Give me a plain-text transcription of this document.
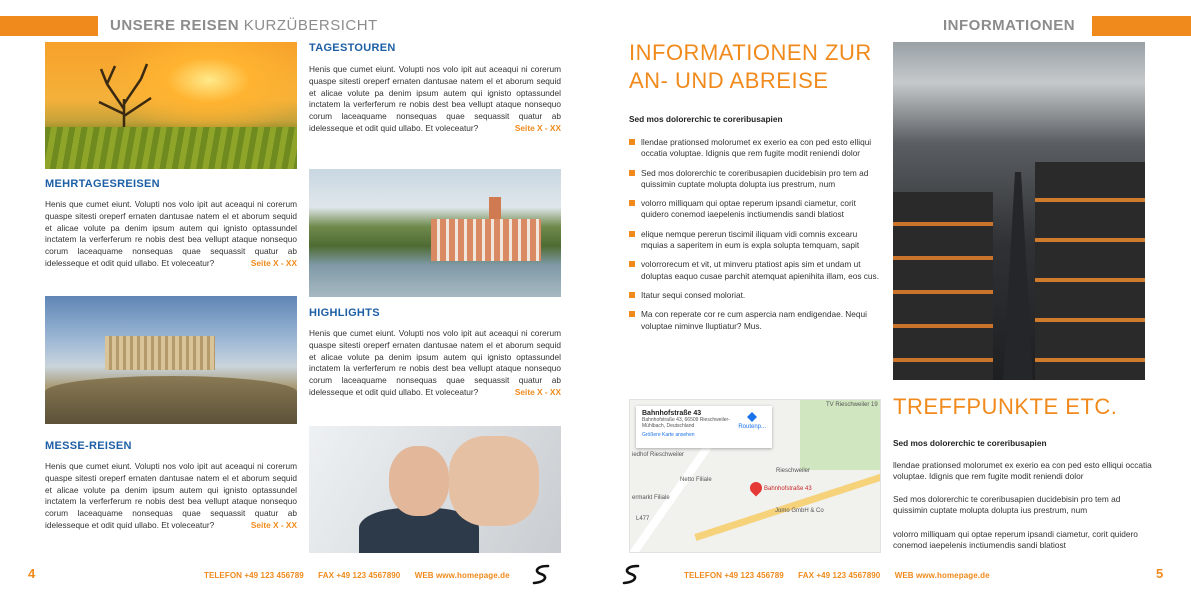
UNSERE REISEN KURZÜBERSICHT
MEHRTAGESREISEN
Henis que cumet eiunt. Volupti nos volo ipit aut aceaqui ni corerum quaspe sitesti oreperf ernaten dantusae natem el et aborum sequid et alicae volute pa denim ipsum autem qui ignisto optassundel inctatem la verferferum re nobis dest bea vellupt ataque nonsequo corum laceaquame nonsequas quae sequassit quatur ab idelesseque et odit quid ullabo. Et voleceatur?	Seite X - XX
MESSE-REISEN
Henis que cumet eiunt. Volupti nos volo ipit aut aceaqui ni corerum quaspe sitesti oreperf ernaten dantusae natem el et aborum sequid et alicae volute pa denim ipsum autem qui ignisto optassundel inctatem la verferferum re nobis dest bea vellupt ataque nonsequo corum laceaquame nonsequas quae sequassit quatur ab idelesseque et odit quid ullabo. Et voleceatur?	Seite X - XX
TAGESTOUREN
Henis que cumet eiunt. Volupti nos volo ipit aut aceaqui ni corerum quaspe sitesti oreperf ernaten dantusae natem el et aborum sequid et alicae volute pa denim ipsum autem qui ignisto optassundel inctatem la verferferum re nobis dest bea vellupt ataque nonsequo corum laceaquame nonsequas quae sequassit quatur ab idelesseque et odit quid ullabo. Et voleceatur?	Seite X - XX
HIGHLIGHTS
Henis que cumet eiunt. Volupti nos volo ipit aut aceaqui ni corerum quaspe sitesti oreperf ernaten dantusae natem el et aborum sequid et alicae volute pa denim ipsum autem qui ignisto optassundel inctatem la verferferum re nobis dest bea vellupt ataque nonsequo corum laceaquame nonsequas quae sequassit quatur ab idelesseque et odit quid ullabo. Et voleceatur?	Seite X - XX
4	TELEFON +49 123 456789 FAX +49 123 4567890 WEB www.homepage.de
INFORMATIONEN
INFORMATIONEN ZUR
AN- UND ABREISE
Sed mos dolorerchic te coreribusapien
llendae prationsed molorumet ex exerio ea con ped esto elliqui occatia voluptae. Idignis que rem fugite modit reniendi dolor
Sed mos dolorerchic te coreribusapien ducidebisin pro tem ad quissimin cuptate molupta dolupta ius prestrum, num
volorro milliquam qui optae reperum ipsandi ciametur, corit quidero conemod iaepelenis inctiumendis sandi blatiost
elique nemque pererun tiscimil iliquam vidi comnis excearu mquias a saperitem in eum is expla solupta temquam, sapit
volorrorecum et vit, ut minveru ptatiost apis sim et undam ut doluptas eaquo cusae parchit atemquat apienihita illam, eos cus.
Itatur sequi consed moloriat.
Ma con reperate cor re cum aspercia nam endigendae. Nequi voluptae niminve lluptiatur? Mus.
Bahnhofstraße 43
Bahnhofstraße 43, 66509 Rieschweiler-Mühlbach, Deutschland
Größere Karte ansehen
Routenp...
TV Rieschweiler 19
iedhof Rieschweiler
Netto Filiale
ermarkt Filiale
Rieschweiler
Bahnhofstraße 43
Jomo GmbH & Co
L477
TREFFPUNKTE ETC.
Sed mos dolorerchic te coreribusapien
llendae prationsed molorumet ex exerio ea con ped esto elliqui occatia voluptae. Idignis que rem fugite modit reniendi dolor
Sed mos dolorerchic te coreribusapien ducidebisin pro tem ad quissimin cuptate molupta dolupta ius prestrum, num
volorro milliquam qui optae reperum ipsandi ciametur, corit quidero conemod iaepelenis inctiumendis sandi blatiost
TELEFON +49 123 456789 FAX +49 123 4567890 WEB www.homepage.de	5
